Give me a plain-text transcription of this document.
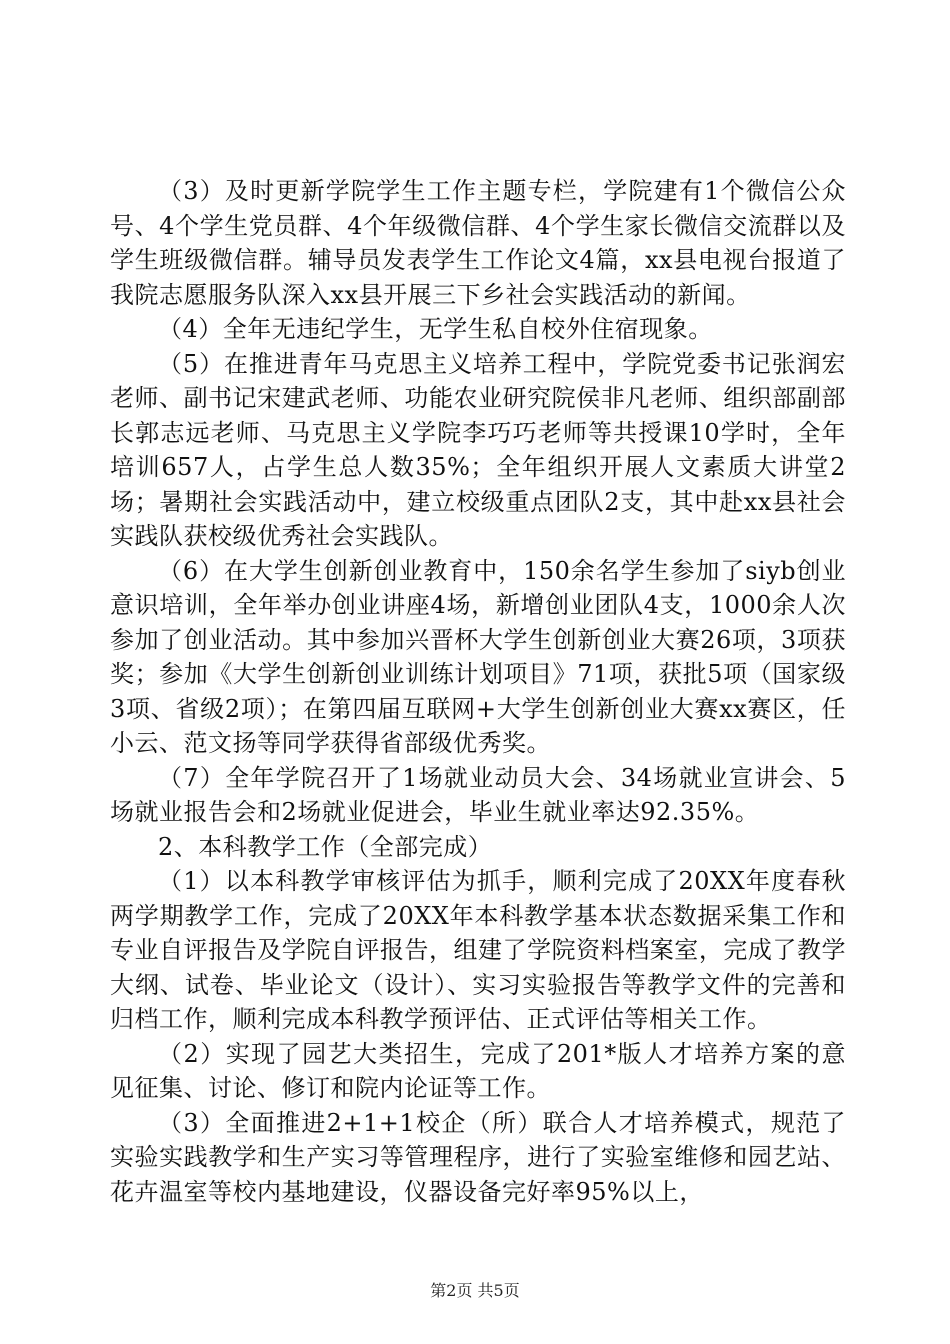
（3）及时更新学院学生工作主题专栏，学院建有1个微信公众号、4个学生党员群、4个年级微信群、4个学生家长微信交流群以及学生班级微信群。辅导员发表学生工作论文4篇，xx县电视台报道了我院志愿服务队深入xx县开展三下乡社会实践活动的新闻。

（4）全年无违纪学生，无学生私自校外住宿现象。

（5）在推进青年马克思主义培养工程中，学院党委书记张润宏老师、副书记宋建武老师、功能农业研究院侯非凡老师、组织部副部长郭志远老师、马克思主义学院李巧巧老师等共授课10学时，全年培训657人，占学生总人数35%；全年组织开展人文素质大讲堂2场；暑期社会实践活动中，建立校级重点团队2支，其中赴xx县社会实践队获校级优秀社会实践队。

（6）在大学生创新创业教育中，150余名学生参加了siyb创业意识培训，全年举办创业讲座4场，新增创业团队4支，1000余人次参加了创业活动。其中参加兴晋杯大学生创新创业大赛26项，3项获奖；参加《大学生创新创业训练计划项目》71项，获批5项（国家级3项、省级2项）；在第四届互联网+大学生创新创业大赛xx赛区，任小云、范文扬等同学获得省部级优秀奖。

（7）全年学院召开了1场就业动员大会、34场就业宣讲会、5场就业报告会和2场就业促进会，毕业生就业率达92.35%。

2、本科教学工作（全部完成）

（1）以本科教学审核评估为抓手，顺利完成了20XX年度春秋两学期教学工作，完成了20XX年本科教学基本状态数据采集工作和专业自评报告及学院自评报告，组建了学院资料档案室，完成了教学大纲、试卷、毕业论文（设计）、实习实验报告等教学文件的完善和归档工作，顺利完成本科教学预评估、正式评估等相关工作。

（2）实现了园艺大类招生，完成了201*版人才培养方案的意见征集、讨论、修订和院内论证等工作。

（3）全面推进2+1+1校企（所）联合人才培养模式，规范了实验实践教学和生产实习等管理程序，进行了实验室维修和园艺站、花卉温室等校内基地建设，仪器设备完好率95%以上，

第2页 共5页
